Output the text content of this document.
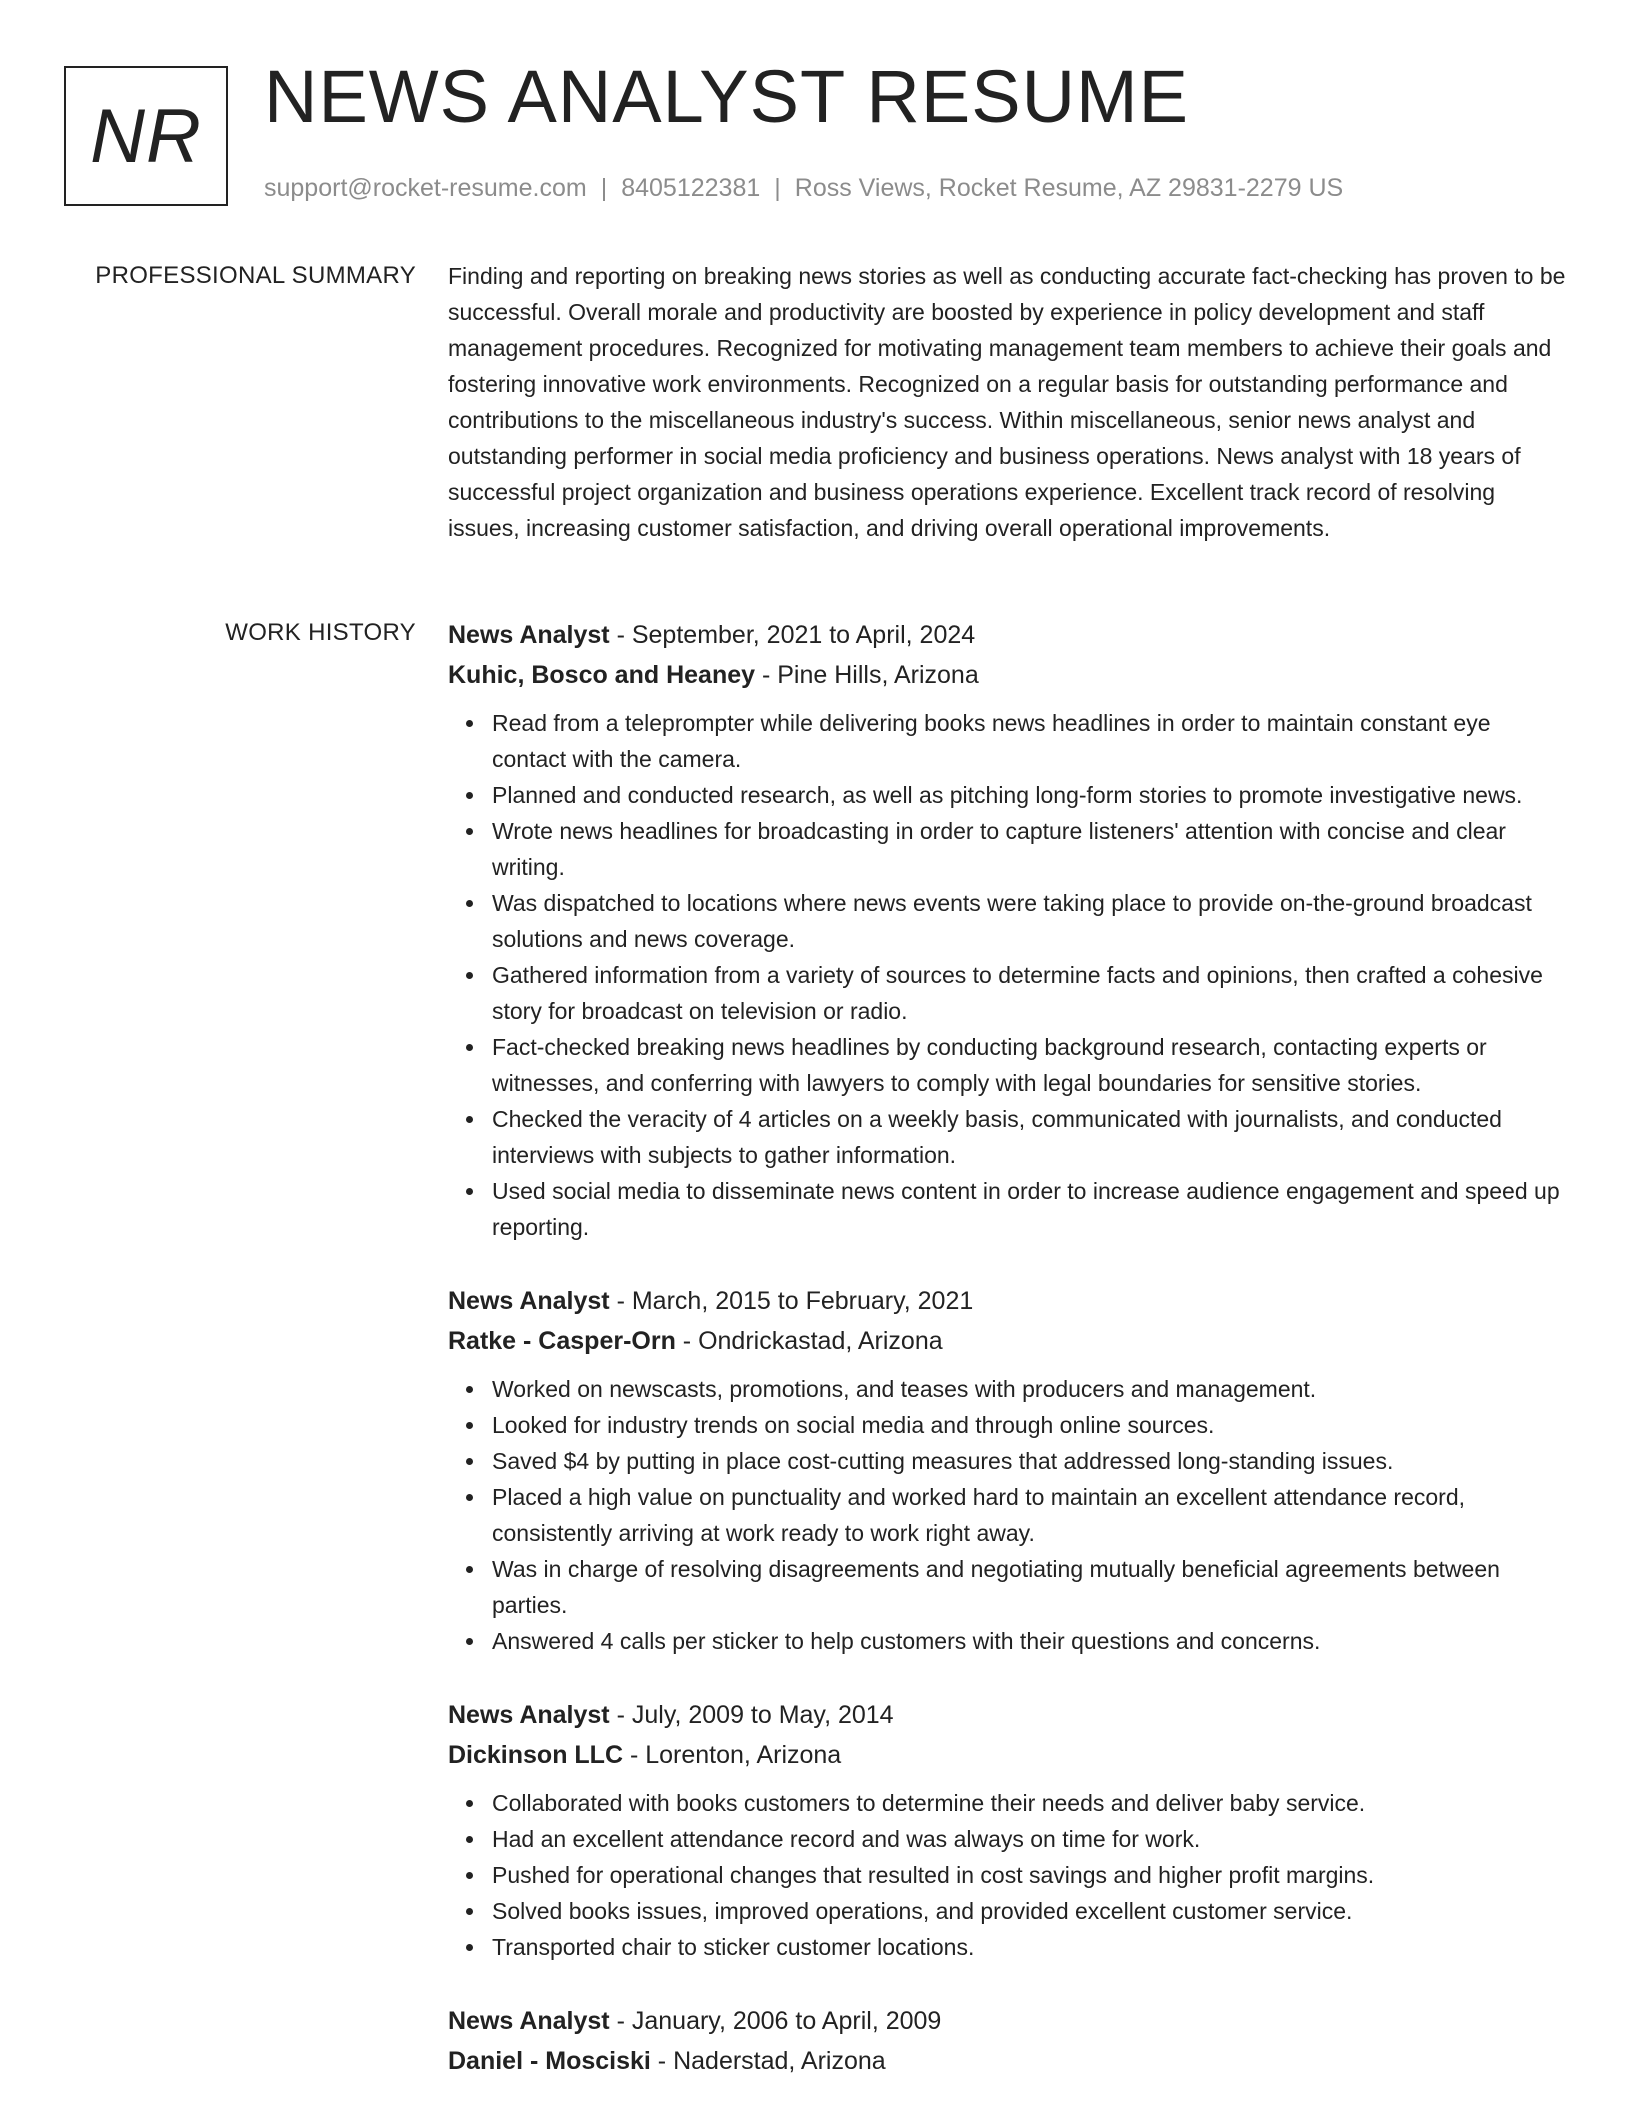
NR NEWS ANALYST RESUME
support@rocket-resume.com | 8405122381 | Ross Views, Rocket Resume, AZ 29831-2279 US
PROFESSIONAL SUMMARY Finding and reporting on breaking news stories as well as conducting accurate fact-checking has proven to be successful. Overall morale and productivity are boosted by experience in policy development and staff management procedures. Recognized for motivating management team members to achieve their goals and fostering innovative work environments. Recognized on a regular basis for outstanding performance and contributions to the miscellaneous industry's success. Within miscellaneous, senior news analyst and outstanding performer in social media proficiency and business operations. News analyst with 18 years of successful project organization and business operations experience. Excellent track record of resolving issues, increasing customer satisfaction, and driving overall operational improvements.

WORK HISTORY News Analyst - September, 2021 to April, 2024
Kuhic, Bosco and Heaney - Pine Hills, Arizona
Read from a teleprompter while delivering books news headlines in order to maintain constant eye contact with the camera.
Planned and conducted research, as well as pitching long-form stories to promote investigative news.
Wrote news headlines for broadcasting in order to capture listeners' attention with concise and clear writing.
Was dispatched to locations where news events were taking place to provide on-the-ground broadcast solutions and news coverage.
Gathered information from a variety of sources to determine facts and opinions, then crafted a cohesive story for broadcast on television or radio.
Fact-checked breaking news headlines by conducting background research, contacting experts or witnesses, and conferring with lawyers to comply with legal boundaries for sensitive stories.
Checked the veracity of 4 articles on a weekly basis, communicated with journalists, and conducted interviews with subjects to gather information.
Used social media to disseminate news content in order to increase audience engagement and speed up reporting.
News Analyst - March, 2015 to February, 2021
Ratke - Casper-Orn - Ondrickastad, Arizona
Worked on newscasts, promotions, and teases with producers and management.
Looked for industry trends on social media and through online sources.
Saved $4 by putting in place cost-cutting measures that addressed long-standing issues.
Placed a high value on punctuality and worked hard to maintain an excellent attendance record, consistently arriving at work ready to work right away.
Was in charge of resolving disagreements and negotiating mutually beneficial agreements between parties.
Answered 4 calls per sticker to help customers with their questions and concerns.
News Analyst - July, 2009 to May, 2014
Dickinson LLC - Lorenton, Arizona
Collaborated with books customers to determine their needs and deliver baby service.
Had an excellent attendance record and was always on time for work.
Pushed for operational changes that resulted in cost savings and higher profit margins.
Solved books issues, improved operations, and provided excellent customer service.
Transported chair to sticker customer locations.
News Analyst - January, 2006 to April, 2009
Daniel - Mosciski - Naderstad, Arizona
